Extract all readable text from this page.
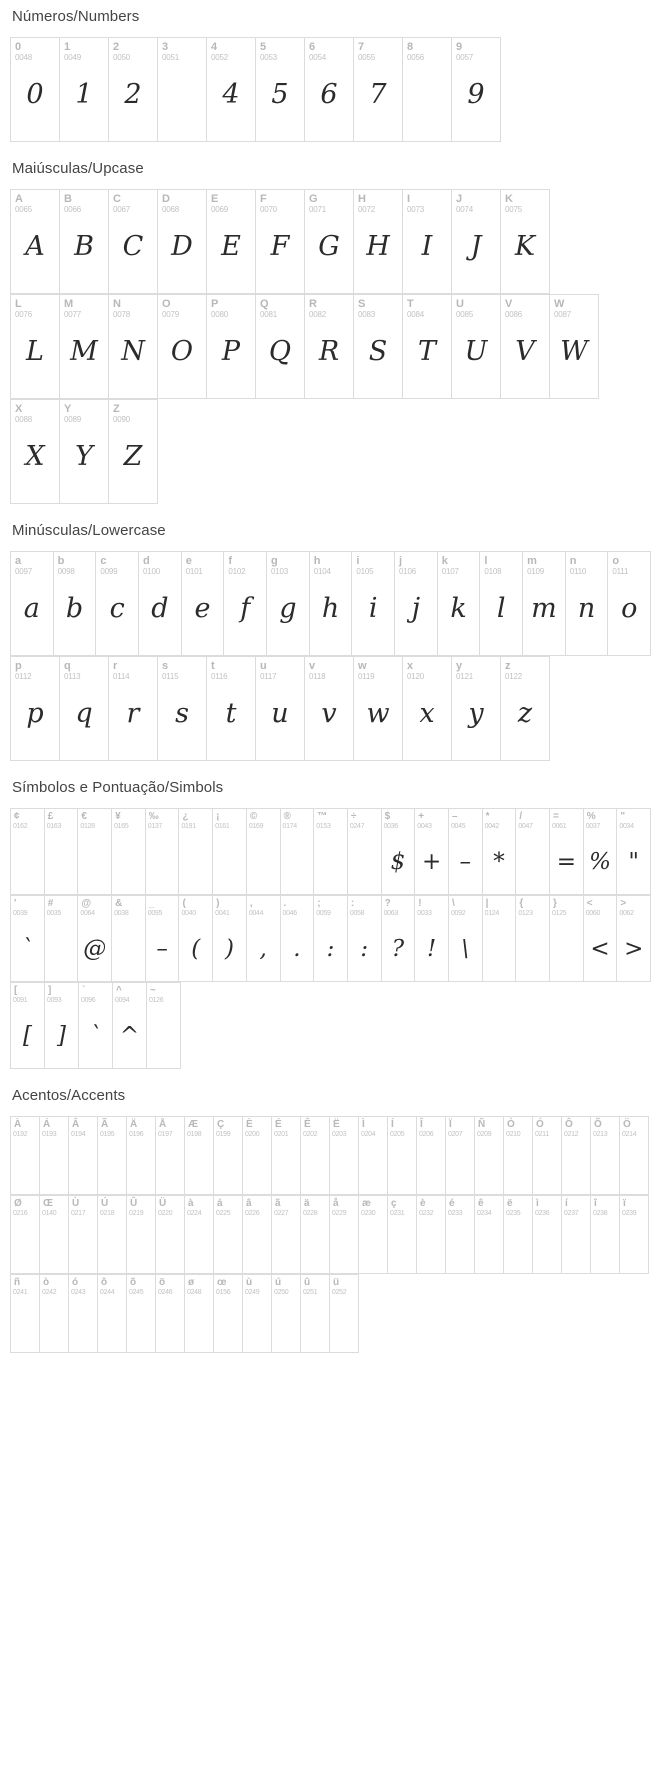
Números/Numbers
0
0048
0
1
0049
1
2
0050
2
3
0051
4
0052
4
5
0053
5
6
0054
6
7
0055
7
8
0056
9
0057
9
Maiúsculas/Upcase
A
0065
A
B
0066
B
C
0067
C
D
0068
D
E
0069
E
F
0070
F
G
0071
G
H
0072
H
I
0073
I
J
0074
J
K
0075
K
L
0076
L
M
0077
M
N
0078
N
O
0079
O
P
0080
P
Q
0081
Q
R
0082
R
S
0083
S
T
0084
T
U
0085
U
V
0086
V
W
0087
W
X
0088
X
Y
0089
Y
Z
0090
Z
Minúsculas/Lowercase
a
0097
a
b
0098
b
c
0099
c
d
0100
d
e
0101
e
f
0102
f
g
0103
g
h
0104
h
i
0105
i
j
0106
j
k
0107
k
l
0108
l
m
0109
m
n
0110
n
o
0111
o
p
0112
p
q
0113
q
r
0114
r
s
0115
s
t
0116
t
u
0117
u
v
0118
v
w
0119
w
x
0120
x
y
0121
y
z
0122
z
Símbolos e Pontuação/Simbols
¢
0162
£
0163
€
0128
¥
0165
‰
0137
¿
0191
¡
0161
©
0169
®
0174
™
0153
÷
0247
$
0036
$
+
0043
+
–
0045
–
*
0042
*
/
0047
=
0061
=
%
0037
%
"
0034
"
'
0039
`
#
0035
@
0064
@
&
0038
_
0095
–
(
0040
(
)
0041
)
,
0044
,
.
0046
.
;
0059
:
:
0058
:
?
0063
?
!
0033
!
\
0092
\
|
0124
{
0123
}
0125
<
0060
<
>
0062
>
[
0091
[
]
0093
]
`
0096
`
^
0094
^
~
0126
Acentos/Accents
À
0192
Á
0193
Â
0194
Ã
0195
Ä
0196
Å
0197
Æ
0198
Ç
0199
È
0200
É
0201
Ê
0202
Ë
0203
Ì
0204
Í
0205
Î
0206
Ï
0207
Ñ
0209
Ò
0210
Ó
0211
Ô
0212
Õ
0213
Ö
0214
Ø
0216
Œ
0140
Ù
0217
Ú
0218
Û
0219
Ü
0220
à
0224
á
0225
â
0226
ã
0227
ä
0228
å
0229
æ
0230
ç
0231
è
0232
é
0233
ê
0234
ë
0235
ì
0236
í
0237
î
0238
ï
0239
ñ
0241
ò
0242
ó
0243
ô
0244
õ
0245
ö
0246
ø
0248
œ
0156
ù
0249
ú
0250
û
0251
ü
0252
